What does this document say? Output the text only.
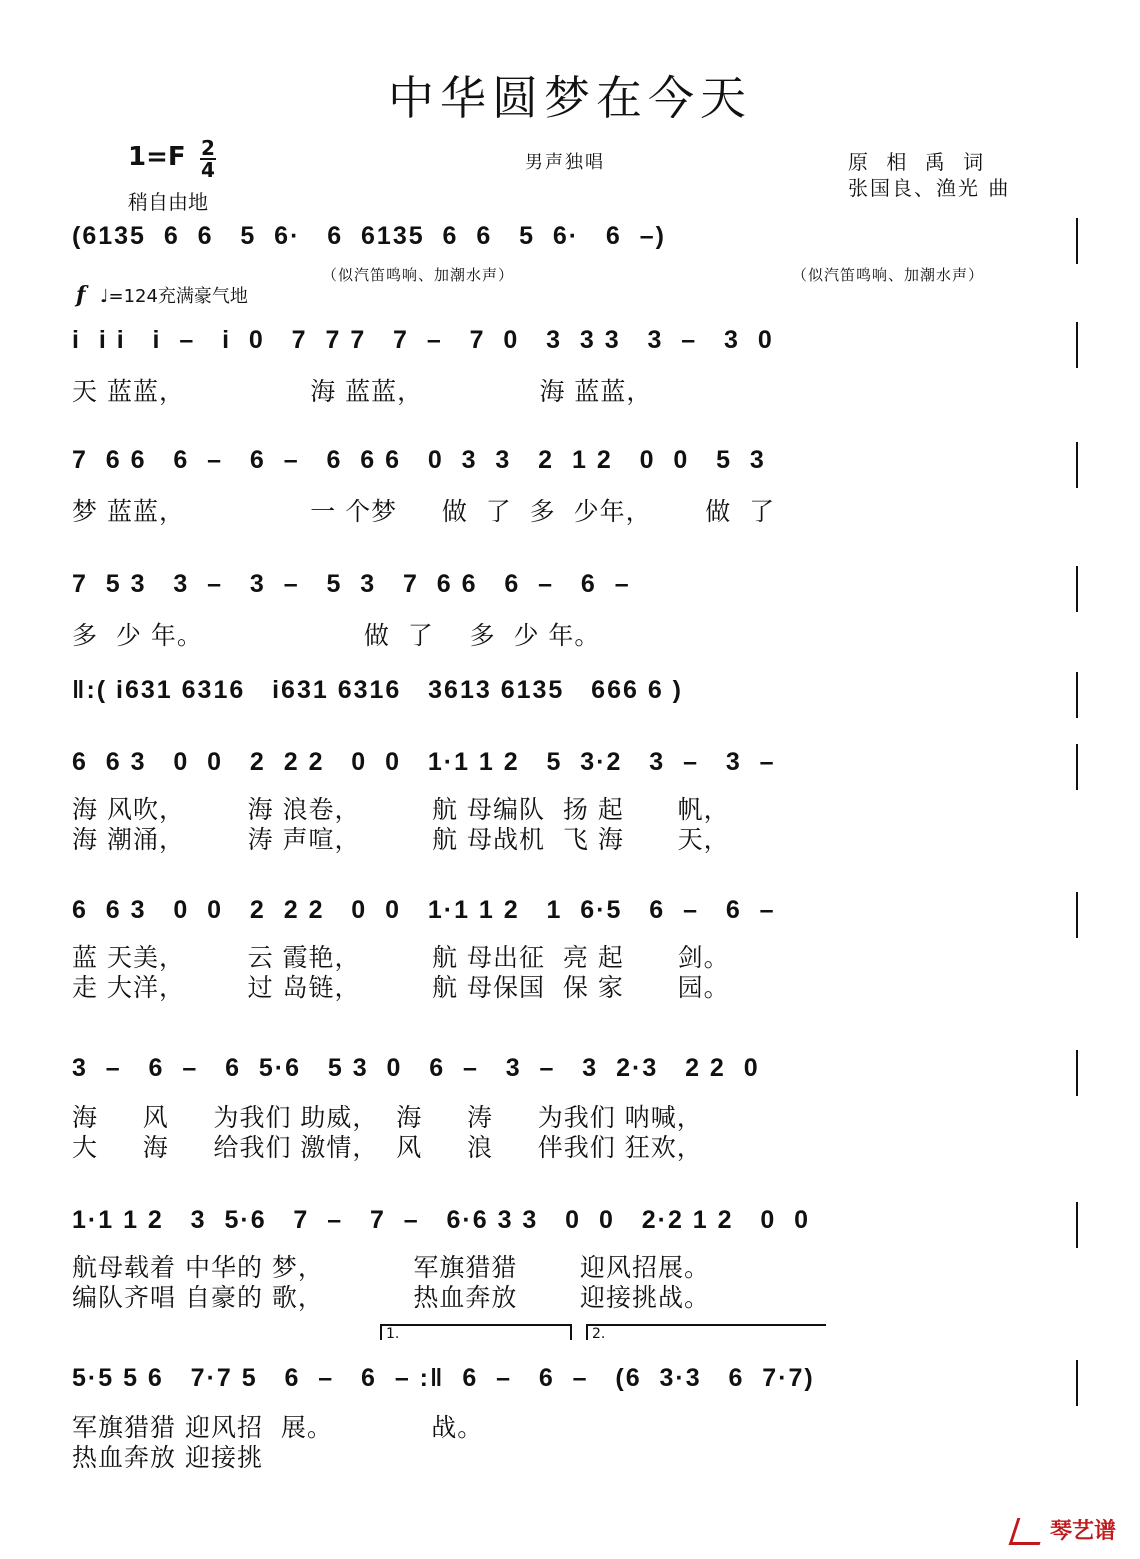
中华圆梦在今天
1=F 2
4
稍自由地
男声独唱	原 相 禹 词
张国良、渔光 曲
(6135  6  6   5  6·   6  6135  6  6   5  6·   6  –)
（似汽笛鸣响、加潮水声）	（似汽笛鸣响、加潮水声）
f ♩=124充满豪气地
i  i i   i  –   i  0   7  7 7   7  –   7  0   3  3 3   3  –   3  0
天 蓝蓝，              海 蓝蓝，             海 蓝蓝，
7  6 6   6  –   6  –   6  6 6   0  3  3   2  1 2   0  0   5  3
梦 蓝蓝，              一 个梦     做  了  多  少年，      做  了
7  5 3   3  –   3  –   5  3   7  6 6   6  –   6  –
多  少 年。                  做  了    多  少 年。
‖:( i631 6316   i631 6316   3613 6135   666 6 )
6  6 3   0  0   2  2 2   0  0   1·1 1 2   5  3·2   3  –   3  –
海 风吹，       海 浪卷，        航 母编队  扬 起      帆，
海 潮涌，       涛 声喧，        航 母战机  飞 海      天，
6  6 3   0  0   2  2 2   0  0   1·1 1 2   1  6·5   6  –   6  –
蓝 天美，       云 霞艳，        航 母出征  亮 起      剑。
走 大洋，       过 岛链，        航 母保国  保 家      园。
3  –   6  –   6  5·6   5 3  0   6  –   3  –   3  2·3   2 2  0
海     风     为我们 助威，  海     涛     为我们 呐喊，
大     海     给我们 激情，  风     浪     伴我们 狂欢，
1·1 1 2   3  5·6   7  –   7  –   6·6 3 3   0  0   2·2 1 2   0  0
航母载着 中华的 梦，          军旗猎猎       迎风招展。
编队齐唱 自豪的 歌，          热血奔放       迎接挑战。
1.	2.
5·5 5 6   7·7 5   6  –   6  – :‖  6  –   6  –   (6  3·3   6  7·7)
军旗猎猎 迎风招  展。           战。
热血奔放 迎接挑
琴艺谱
